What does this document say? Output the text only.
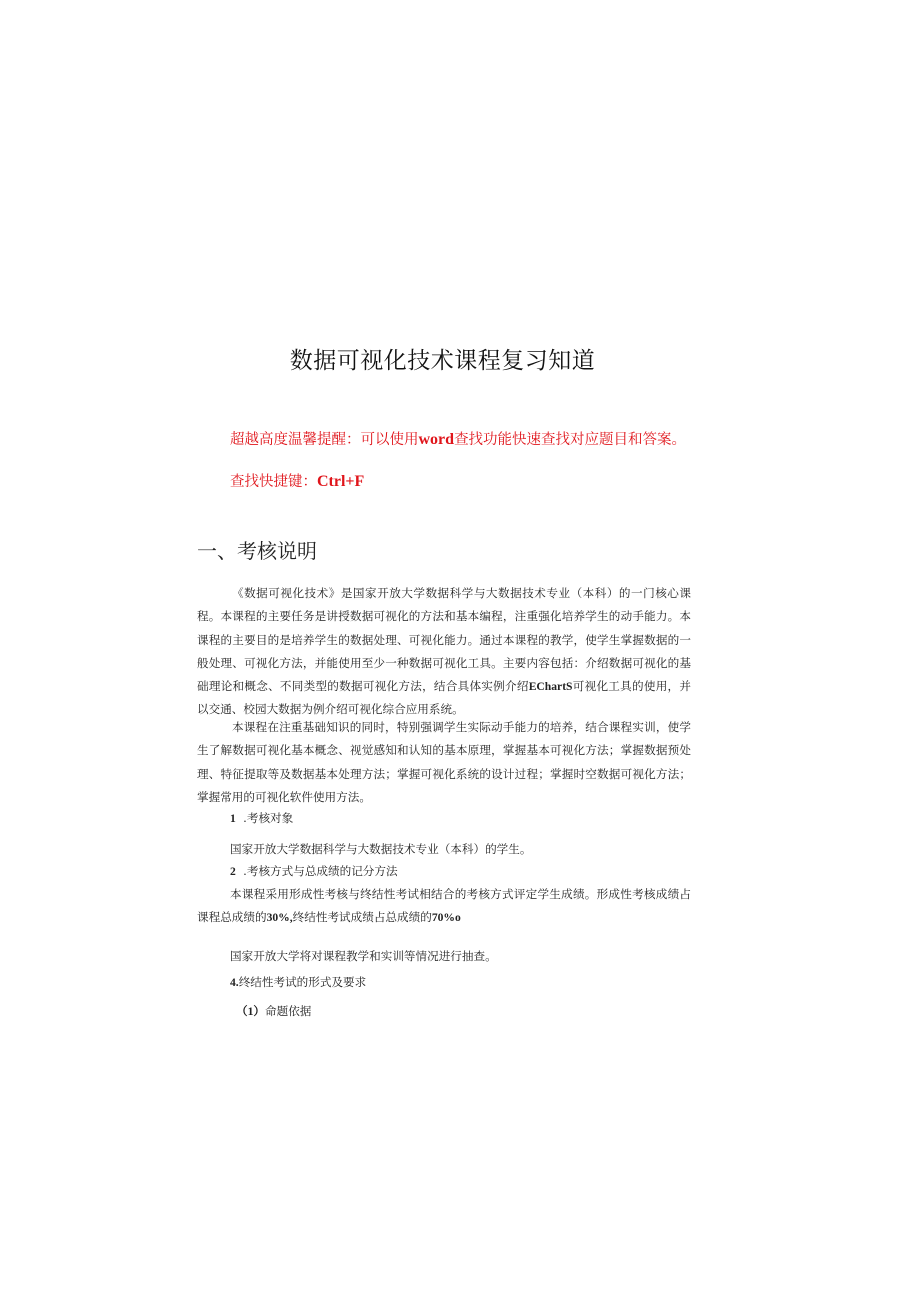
数据可视化技术课程复习知道
超越高度温馨提醒：可以使用word查找功能快速查找对应题目和答案。
查找快捷键：Ctrl+F
一、考核说明

《数据可视化技术》是国家开放大学数据科学与大数据技术专业（本科）的一门核心课程。本课程的主要任务是讲授数据可视化的方法和基本编程，注重强化培养学生的动手能力。本课程的主要目的是培养学生的数据处理、可视化能力。通过本课程的教学，使学生掌握数据的一般处理、可视化方法，并能使用至少一种数据可视化工具。主要内容包括：介绍数据可视化的基础理论和概念、不同类型的数据可视化方法，结合具体实例介绍EChartS可视化工具的使用，并以交通、校园大数据为例介绍可视化综合应用系统。

本课程在注重基础知识的同时，特别强调学生实际动手能力的培养，结合课程实训，使学生了解数据可视化基本概念、视觉感知和认知的基本原理，掌握基本可视化方法；掌握数据预处理、特征提取等及数据基本处理方法；掌握可视化系统的设计过程；掌握时空数据可视化方法；掌握常用的可视化软件使用方法。

1 .考核对象

国家开放大学数据科学与大数据技术专业（本科）的学生。

2 .考核方式与总成绩的记分方法

本课程采用形成性考核与终结性考试相结合的考核方式评定学生成绩。形成性考核成绩占课程总成绩的30%,终结性考试成绩占总成绩的70%o

国家开放大学将对课程教学和实训等情况进行抽查。

4.终结性考试的形式及要求

（1）命题依据
